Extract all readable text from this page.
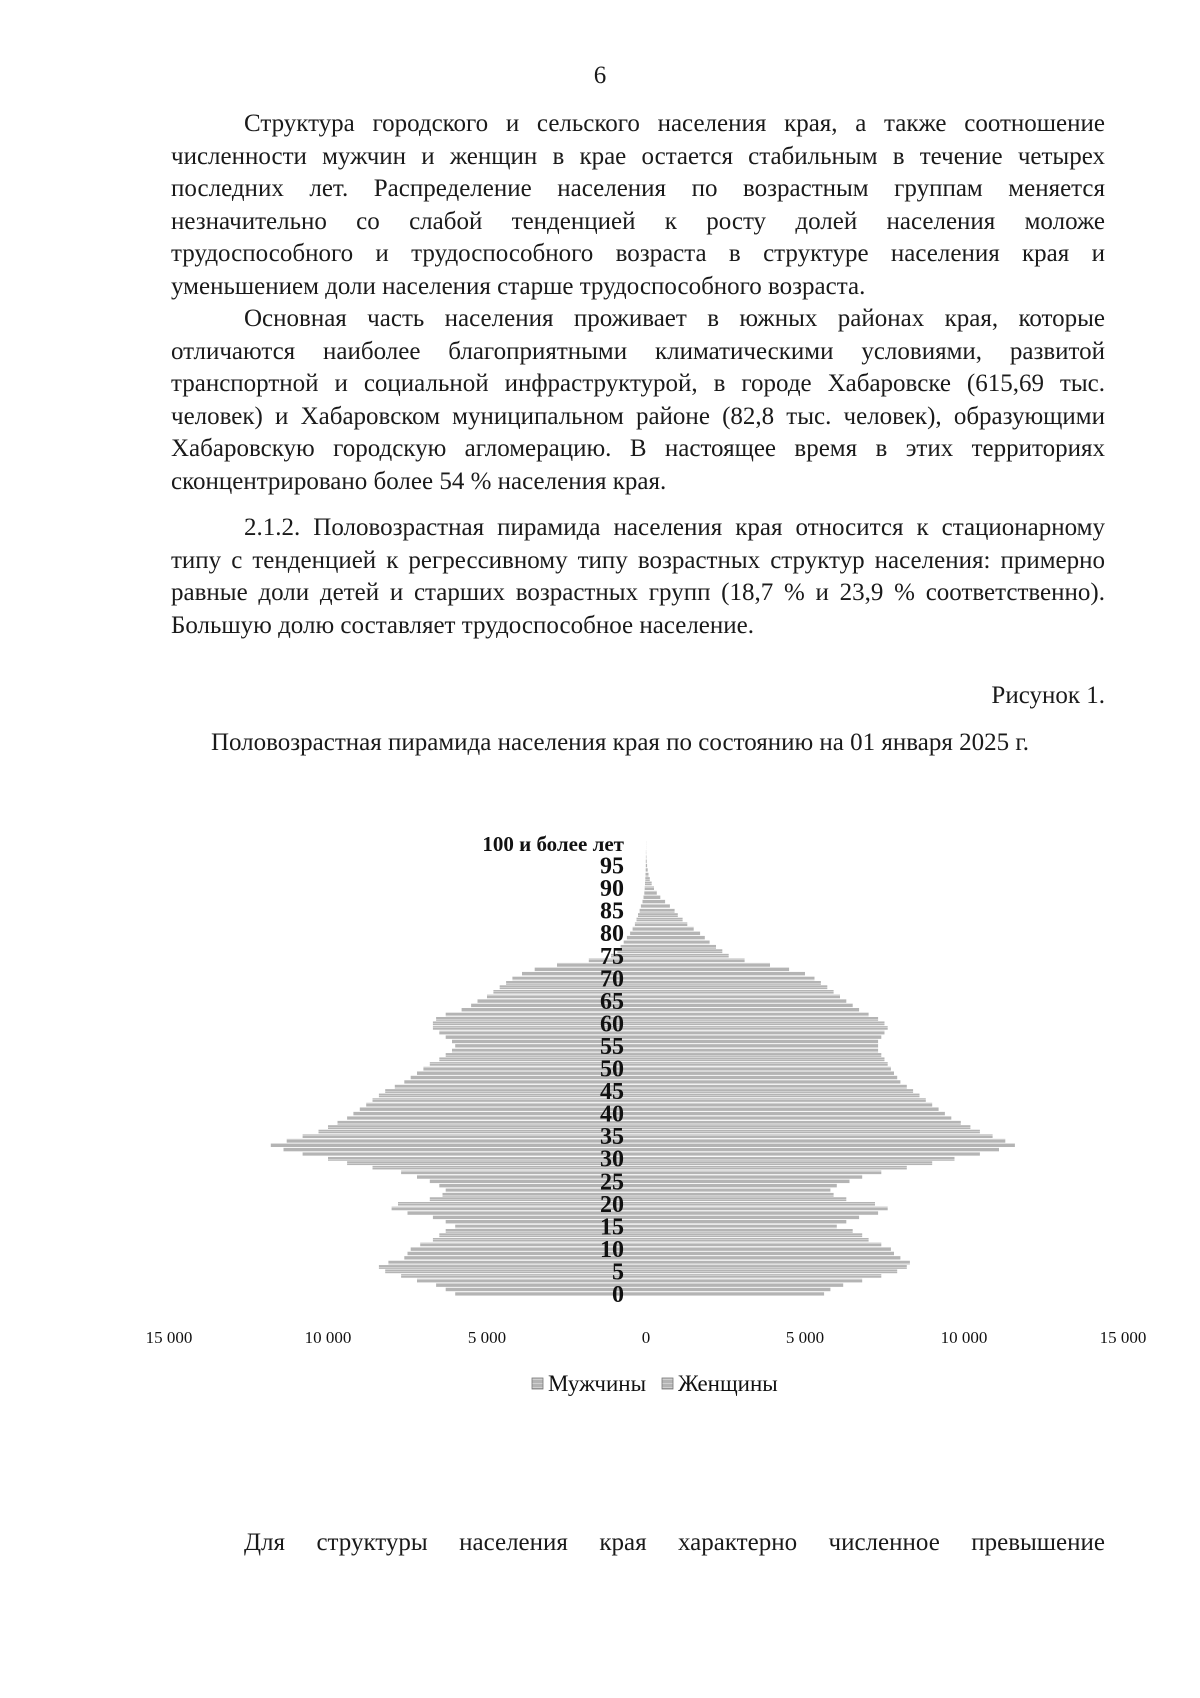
6

Структура городского и сельского населения края, а также соотношение численности мужчин и женщин в крае остается стабильным в течение четырех последних лет. Распределение населения по возрастным группам меняется незначительно со слабой тенденцией к росту долей населения моложе трудоспособного и трудоспособного возраста в структуре населения края и уменьшением доли населения старше трудоспособного возраста.

Основная часть населения проживает в южных районах края, которые отличаются наиболее благоприятными климатическими условиями, развитой транспортной и социальной инфраструктурой, в городе Хабаровске (615,69 тыс. человек) и Хабаровском муниципальном районе (82,8 тыс. человек), образующими Хабаровскую городскую агломерацию. В настоящее время в этих территориях сконцентрировано более 54 % населения края.

2.1.2. Половозрастная пирамида населения края относится к стационарному типу с тенденцией к регрессивному типу возрастных структур населения: примерно равные доли детей и старших возрастных групп (18,7 % и 23,9 % соответственно). Большую долю составляет трудоспособное население.

Рисунок 1.

Половозрастная пирамида населения края по состоянию на 01 января 2025 г.

100 и более лет
95
90
85
80
75
70
65
60
55
50
45
40
35
30
25
20
15
10
5
0
15 000	10 000	5 000	0	5 000	10 000	15 000
Мужчины Женщины

Для структуры населения края характерно численное превышение
